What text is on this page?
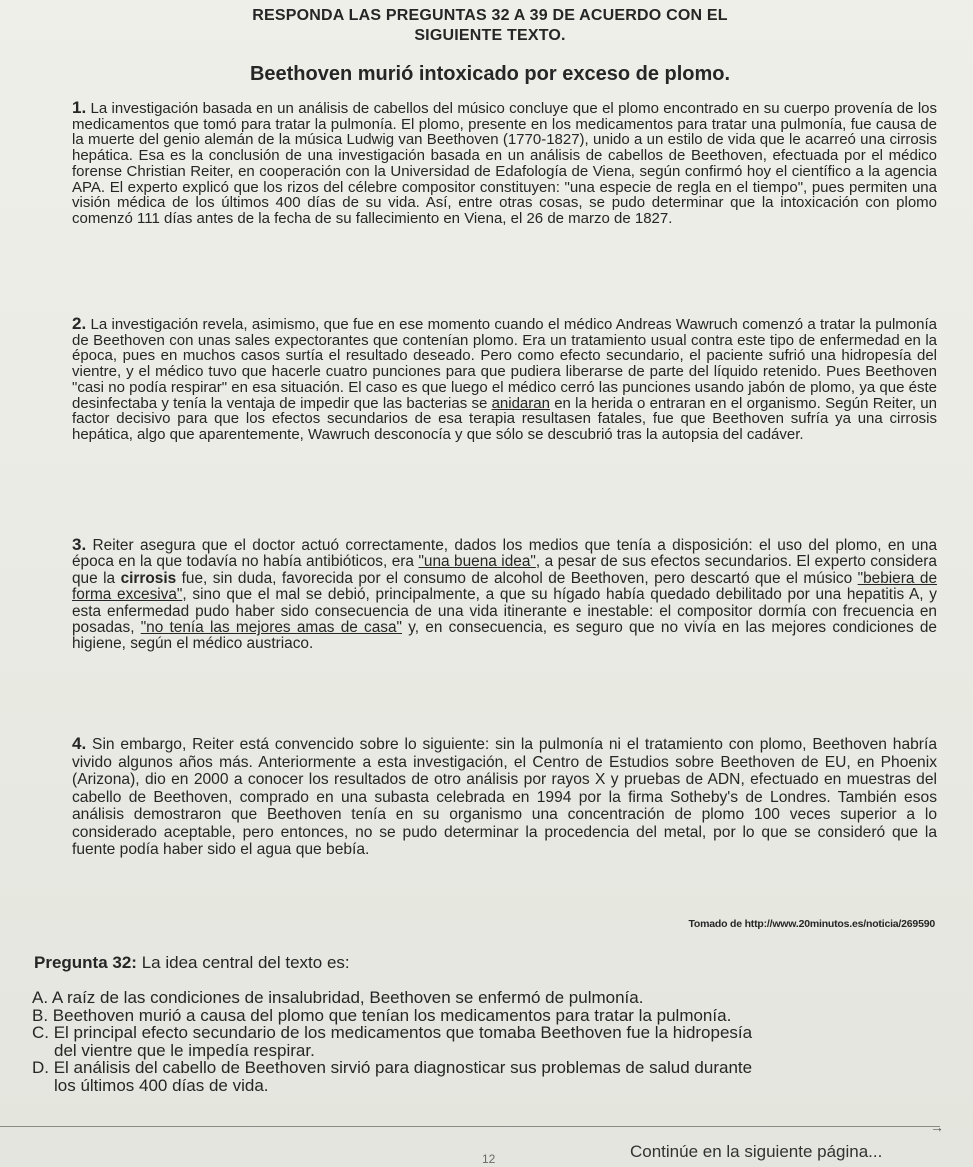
RESPONDA LAS PREGUNTAS 32 A 39 DE ACUERDO CON EL
SIGUIENTE TEXTO.
Beethoven murió intoxicado por exceso de plomo.

1. La investigación basada en un análisis de cabellos del músico concluye que el plomo encontrado en su cuerpo provenía de los medicamentos que tomó para tratar la pulmonía. El plomo, presente en los medicamentos para tratar una pulmonía, fue causa de la muerte del genio alemán de la música Ludwig van Beethoven (1770-1827), unido a un estilo de vida que le acarreó una cirrosis hepática. Esa es la conclusión de una investigación basada en un análisis de cabellos de Beethoven, efectuada por el médico forense Christian Reiter, en cooperación con la Universidad de Edafología de Viena, según confirmó hoy el científico a la agencia APA. El experto explicó que los rizos del célebre compositor constituyen: "una especie de regla en el tiempo", pues permiten una visión médica de los últimos 400 días de su vida. Así, entre otras cosas, se pudo determinar que la intoxicación con plomo comenzó 111 días antes de la fecha de su fallecimiento en Viena, el 26 de marzo de 1827.

2. La investigación revela, asimismo, que fue en ese momento cuando el médico Andreas Wawruch comenzó a tratar la pulmonía de Beethoven con unas sales expectorantes que contenían plomo. Era un tratamiento usual contra este tipo de enfermedad en la época, pues en muchos casos surtía el resultado deseado. Pero como efecto secundario, el paciente sufrió una hidropesía del vientre, y el médico tuvo que hacerle cuatro punciones para que pudiera liberarse de parte del líquido retenido. Pues Beethoven "casi no podía respirar" en esa situación. El caso es que luego el médico cerró las punciones usando jabón de plomo, ya que éste desinfectaba y tenía la ventaja de impedir que las bacterias se anidaran en la herida o entraran en el organismo. Según Reiter, un factor decisivo para que los efectos secundarios de esa terapia resultasen fatales, fue que Beethoven sufría ya una cirrosis hepática, algo que aparentemente, Wawruch desconocía y que sólo se descubrió tras la autopsia del cadáver.

3. Reiter asegura que el doctor actuó correctamente, dados los medios que tenía a disposición: el uso del plomo, en una época en la que todavía no había antibióticos, era "una buena idea", a pesar de sus efectos secundarios. El experto considera que la cirrosis fue, sin duda, favorecida por el consumo de alcohol de Beethoven, pero descartó que el músico "bebiera de forma excesiva", sino que el mal se debió, principalmente, a que su hígado había quedado debilitado por una hepatitis A, y esta enfermedad pudo haber sido consecuencia de una vida itinerante e inestable: el compositor dormía con frecuencia en posadas, "no tenía las mejores amas de casa" y, en consecuencia, es seguro que no vivía en las mejores condiciones de higiene, según el médico austriaco.

4. Sin embargo, Reiter está convencido sobre lo siguiente: sin la pulmonía ni el tratamiento con plomo, Beethoven habría vivido algunos años más. Anteriormente a esta investigación, el Centro de Estudios sobre Beethoven de EU, en Phoenix (Arizona), dio en 2000 a conocer los resultados de otro análisis por rayos X y pruebas de ADN, efectuado en muestras del cabello de Beethoven, comprado en una subasta celebrada en 1994 por la firma Sotheby's de Londres. También esos análisis demostraron que Beethoven tenía en su organismo una concentración de plomo 100 veces superior a lo considerado aceptable, pero entonces, no se pudo determinar la procedencia del metal, por lo que se consideró que la fuente podía haber sido el agua que bebía.

Tomado de http://www.20minutos.es/noticia/269590
Pregunta 32: La idea central del texto es:
A. A raíz de las condiciones de insalubridad, Beethoven se enfermó de pulmonía.
B. Beethoven murió a causa del plomo que tenían los medicamentos para tratar la pulmonía.
C. El principal efecto secundario de los medicamentos que tomaba Beethoven fue la hidropesía
del vientre que le impedía respirar.
D. El análisis del cabello de Beethoven sirvió para diagnosticar sus problemas de salud durante
los últimos 400 días de vida.
→
12	Continúe en la siguiente página...
